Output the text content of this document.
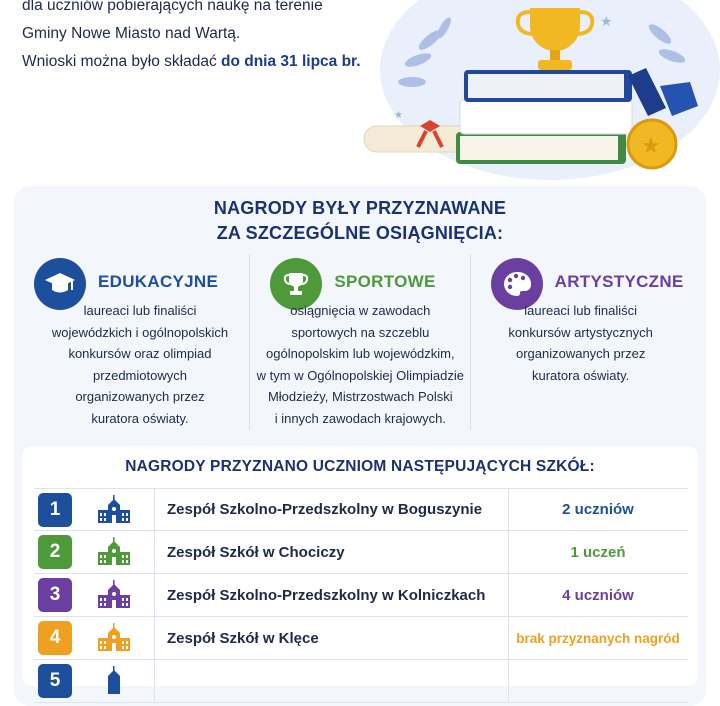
dla uczniów pobierających naukę na terenie
Gminy Nowe Miasto nad Wartą.
Wnioski można było składać do dnia 31 lipca br.
★
★
★
NAGRODY BYŁY PRZYZNAWANE
ZA SZCZEGÓLNE OSIĄGNIĘCIA:
EDUKACYJNE
laureaci lub finaliści
wojewódzkich i ogólnopolskich
konkursów oraz olimpiad
przedmiotowych
organizowanych przez
kuratora oświaty.
SPORTOWE
osiągnięcia w zawodach
sportowych na szczeblu
ogólnopolskim lub wojewódzkim,
w tym w Ogólnopolskiej Olimpiadzie
Młodzieży, Mistrzostwach Polski
i innych zawodach krajowych.
ARTYSTYCZNE
laureaci lub finaliści
konkursów artystycznych
organizowanych przez
kuratora oświaty.
NAGRODY PRZYZNANO UCZNIOM NASTĘPUJĄCYCH SZKÓŁ:
1	Zespół Szkolno-Przedszkolny w Boguszynie	2 uczniów
2	Zespół Szkół w Chociczy	1 uczeń
3	Zespół Szkolno-Przedszkolny w Kolniczkach	4 uczniów
4	Zespół Szkół w Klęce	brak przyznanych nagród
5
